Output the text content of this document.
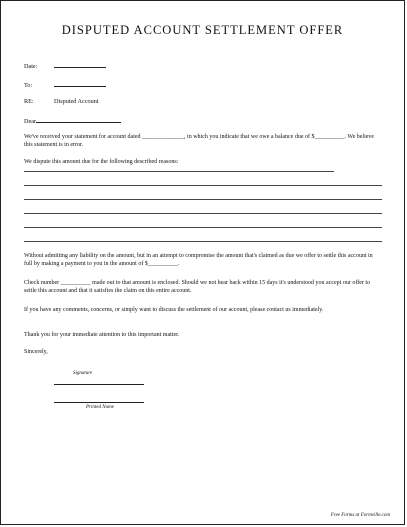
DISPUTED ACCOUNT SETTLEMENT OFFER
Date:
To:
RE:	Disputed Account
Dear
We've received your statement for account dated ______________, in which you indicate that we owe a balance due of $__________. We believe this statement is in error.
We dispute this amount due for the following described reasons:
Without admitting any liability on the amount, but in an attempt to compromise the amount that's claimed as due we offer to settle this account in full by making a payment to you in the amount of $__________.
Check number __________ made out to that amount is enclosed. Should we not hear back within 15 days it's understood you accept our offer to settle this account and that it satisfies the claim on this entire account.
If you have any comments, concerns, or simply want to discuss the settlement of our account, please contact us immediately.
Thank you for your immediate attention to this important matter.
Sincerely,
Signature
Printed Name
Free Forms at Formville.com
